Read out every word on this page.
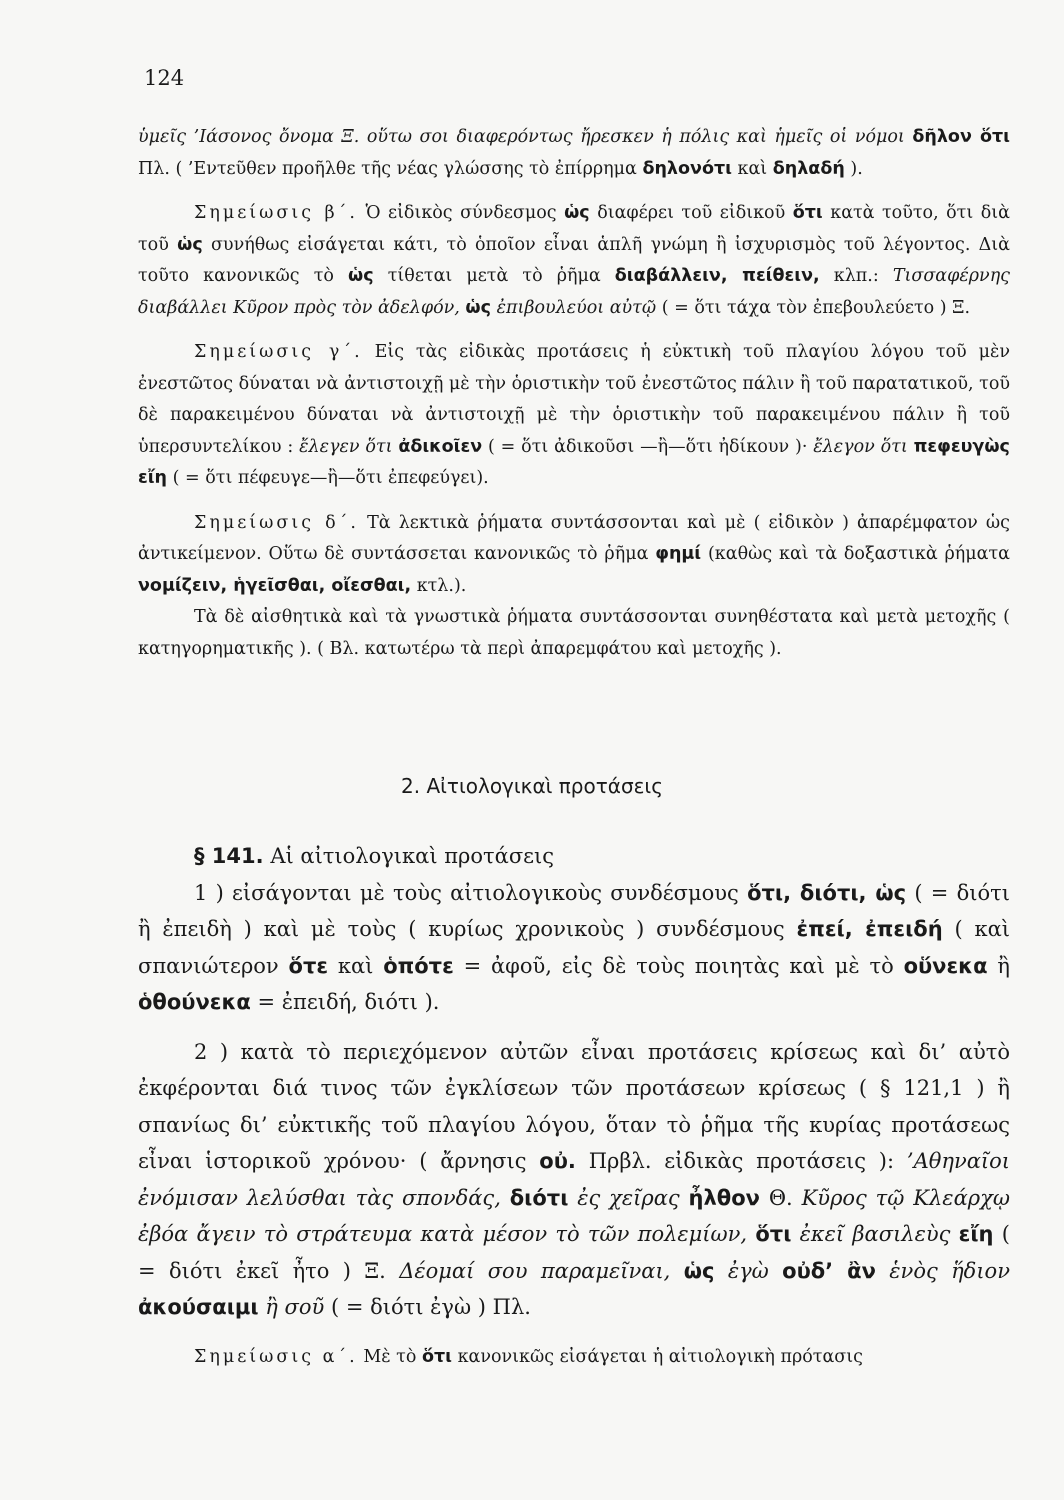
124

ὑμεῖς ’Ιάσονος ὄνομα Ξ. οὕτω σοι διαφερόντως ἤρεσκεν ἡ πόλις καὶ ἡμεῖς οἱ νόμοι δῆλον ὅτι Πλ. ( ’Εντεῦθεν προῆλθε τῆς νέας γλώσσης τὸ ἐπίρρημα δηλονότι καὶ δηλαδή ).

Σημείωσις β΄. Ὁ εἰδικὸς σύνδεσμος ὡς διαφέρει τοῦ εἰδικοῦ ὅτι κατὰ τοῦτο, ὅτι διὰ τοῦ ὡς συνήθως εἰσάγεται κάτι, τὸ ὁποῖον εἶναι ἁπλῆ γνώμη ἢ ἰσχυρισμὸς τοῦ λέγοντος. Διὰ τοῦτο κανονικῶς τὸ ὡς τίθεται μετὰ τὸ ῥῆμα διαβάλλειν, πείθειν, κλπ.: Τισσαφέρνης διαβάλλει Κῦρον πρὸς τὸν ἀδελφόν, ὡς ἐπιβουλεύοι αὐτῷ ( = ὅτι τάχα τὸν ἐπεβουλεύετο ) Ξ.

Σημείωσις γ΄. Εἰς τὰς εἰδικὰς προτάσεις ἡ εὐκτικὴ τοῦ πλαγίου λόγου τοῦ μὲν ἐνεστῶτος δύναται νὰ ἀντιστοιχῇ μὲ τὴν ὁριστικὴν τοῦ ἐνεστῶτος πάλιν ἢ τοῦ παρατατικοῦ, τοῦ δὲ παρακειμένου δύναται νὰ ἀντιστοιχῇ μὲ τὴν ὁριστικὴν τοῦ παρακειμένου πάλιν ἢ τοῦ ὑπερσυντελίκου : ἔλεγεν ὅτι ἀδικοῖεν ( = ὅτι ἀδικοῦσι —ἢ—ὅτι ἠδίκουν )· ἔλεγον ὅτι πεφευγὼς εἴη ( = ὅτι πέφευγε—ἢ—ὅτι ἐπεφεύγει).

Σημείωσις δ΄. Τὰ λεκτικὰ ῥήματα συντάσσονται καὶ μὲ ( εἰδικὸν ) ἀπαρέμφατον ὡς ἀντικείμενον. Οὕτω δὲ συντάσσεται κανονικῶς τὸ ῥῆμα φημί (καθὼς καὶ τὰ δοξαστικὰ ῥήματα νομίζειν, ἡγεῖσθαι, οἴεσθαι, κτλ.).

Τὰ δὲ αἰσθητικὰ καὶ τὰ γνωστικὰ ῥήματα συντάσσονται συνηθέστατα καὶ μετὰ μετοχῆς ( κατηγορηματικῆς ). ( Βλ. κατωτέρω τὰ περὶ ἀπαρεμφάτου καὶ μετοχῆς ).

2. Αἰτιολογικαὶ προτάσεις

§ 141. Αἱ αἰτιολογικαὶ προτάσεις

1 ) εἰσάγονται μὲ τοὺς αἰτιολογικοὺς συνδέσμους ὅτι, διότι, ὡς ( = διότι ἢ ἐπειδὴ ) καὶ μὲ τοὺς ( κυρίως χρονικοὺς ) συνδέσμους ἐπεί, ἐπειδή ( καὶ σπανιώτερον ὅτε καὶ ὁπότε = ἀφοῦ, εἰς δὲ τοὺς ποιητὰς καὶ μὲ τὸ οὕνεκα ἢ ὁθούνεκα = ἐπειδή, διότι ).

2 ) κατὰ τὸ περιεχόμενον αὐτῶν εἶναι προτάσεις κρίσεως καὶ δι’ αὐτὸ ἐκφέρονται διά τινος τῶν ἐγκλίσεων τῶν προτάσεων κρίσεως ( § 121,1 ) ἢ σπανίως δι’ εὐκτικῆς τοῦ πλαγίου λόγου, ὅταν τὸ ῥῆμα τῆς κυρίας προτάσεως εἶναι ἱστορικοῦ χρόνου· ( ἄρνησις οὐ. Πρβλ. εἰδικὰς προτάσεις ): ’Αθηναῖοι ἐνόμισαν λελύσθαι τὰς σπονδάς, διότι ἐς χεῖρας ἦλθον Θ. Κῦρος τῷ Κλεάρχῳ ἐβόα ἄγειν τὸ στράτευμα κατὰ μέσον τὸ τῶν πολεμίων, ὅτι ἐκεῖ βασιλεὺς εἴη ( = διότι ἐκεῖ ἦτο ) Ξ. Δέομαί σου παραμεῖναι, ὡς ἐγὼ οὐδ’ ἂν ἑνὸς ἥδιον ἀκούσαιμι ἢ σοῦ ( = διότι ἐγὼ ) Πλ.

Σημείωσις α΄. Μὲ τὸ ὅτι κανονικῶς εἰσάγεται ἡ αἰτιολογικὴ πρότασις
